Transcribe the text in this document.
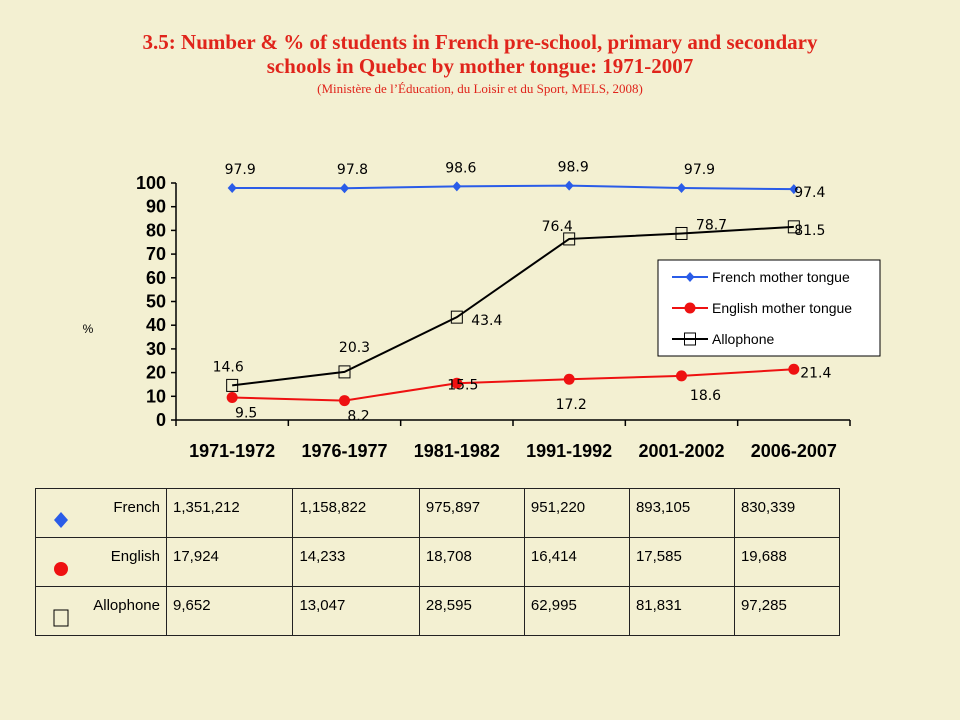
3.5: Number & % of students in French pre-school, primary and secondary
schools in Quebec by mother tongue: 1971-2007
(Ministère de l’Éducation, du Loisir et du Sport, MELS, 2008)
0
10
20
30
40
50
60
70
80
90
100
1971-1972 1976-1977 1981-1982 1991-1992 2001-2002 2006-2007
%
97.9	97.8	98.6	98.9	97.9
97.4
9.5	8.2
15.5
17.2
18.6
21.4
14.6
20.3
43.4
76.4	78.7	81.5
French mother tongue
English mother tongue
Allophone
French	1,351,212	1,158,822	975,897	951,220	893,105	830,339

English	17,924	14,233	18,708	16,414	17,585	19,688

Allophone	9,652	13,047	28,595	62,995	81,831	97,285
